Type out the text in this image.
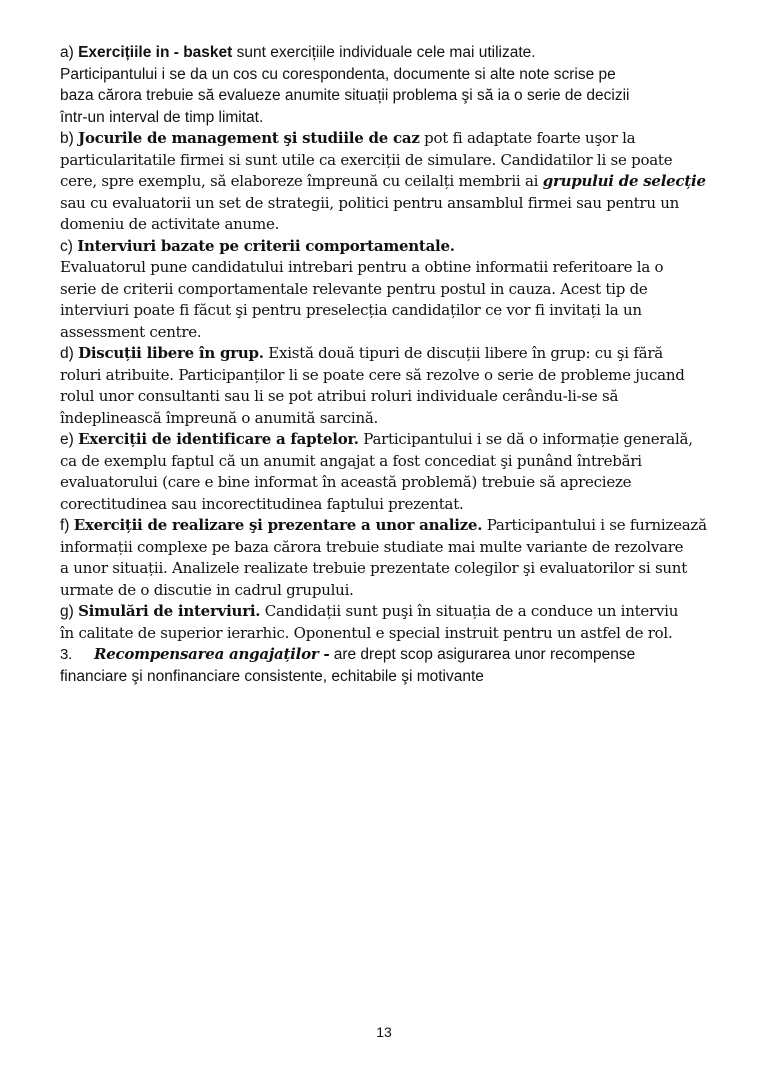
a) Exercițiile in - basket sunt exercițiile individuale cele mai utilizate.
Participantului i se da un cos cu corespondenta, documente si alte note scrise pe
baza cărora trebuie să evalueze anumite situații problema şi să ia o serie de decizii
într-un interval de timp limitat.
b) Jocurile de management şi studiile de caz pot fi adaptate foarte uşor la
particularitatile firmei si sunt utile ca exerciții de simulare. Candidatilor li se poate
cere, spre exemplu, să elaboreze împreună cu ceilalți membrii ai grupului de selecție
sau cu evaluatorii un set de strategii, politici pentru ansamblul firmei sau pentru un
domeniu de activitate anume.
c) Interviuri bazate pe criterii comportamentale.
Evaluatorul pune candidatului intrebari pentru a obtine informatii referitoare la o
serie de criterii comportamentale relevante pentru postul in cauza. Acest tip de
interviuri poate fi făcut şi pentru preselecția candidaților ce vor fi invitați la un
assessment centre.
d) Discuții libere în grup. Există două tipuri de discuții libere în grup: cu şi fără
roluri atribuite. Participanților li se poate cere să rezolve o serie de probleme jucand
rolul unor consultanti sau li se pot atribui roluri individuale cerându-li-se să
îndeplinească împreună o anumită sarcină.
e) Exerciții de identificare a faptelor. Participantului i se dă o informație generală,
ca de exemplu faptul că un anumit angajat a fost concediat şi punând întrebări
evaluatorului (care e bine informat în această problemă) trebuie să aprecieze
corectitudinea sau incorectitudinea faptului prezentat.
f) Exerciții de realizare şi prezentare a unor analize. Participantului i se furnizează
informații complexe pe baza cărora trebuie studiate mai multe variante de rezolvare
a unor situații. Analizele realizate trebuie prezentate colegilor şi evaluatorilor si sunt
urmate de o discutie in cadrul grupului.
g) Simulări de interviuri. Candidații sunt puşi în situația de a conduce un interviu
în calitate de superior ierarhic. Oponentul e special instruit pentru un astfel de rol.
3. Recompensarea angajaților - are drept scop asigurarea unor recompense
financiare şi nonfinanciare consistente, echitabile şi motivante
13
